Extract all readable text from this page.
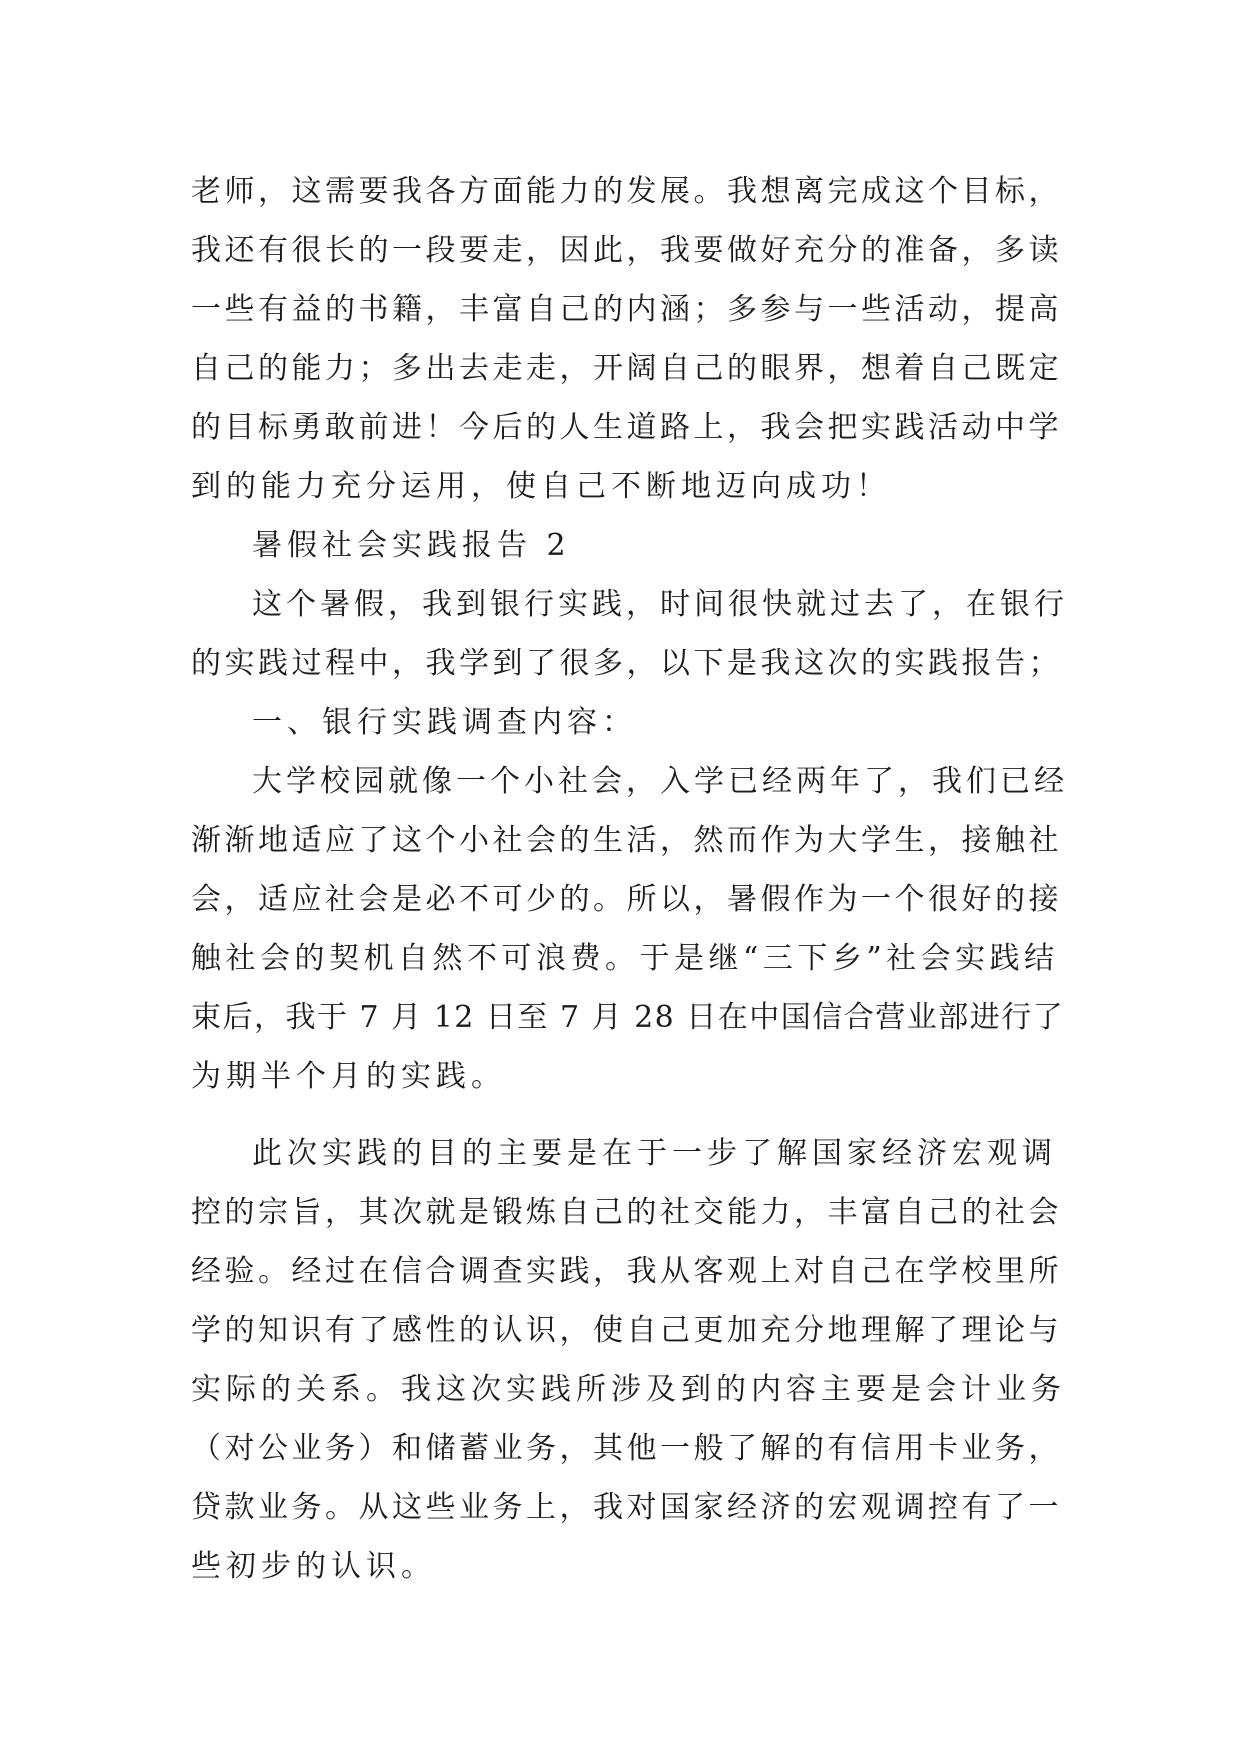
老师，这需要我各方面能力的发展。我想离完成这个目标，
我还有很长的一段要走，因此，我要做好充分的准备，多读
一些有益的书籍，丰富自己的内涵；多参与一些活动，提高
自己的能力；多出去走走，开阔自己的眼界，想着自己既定
的目标勇敢前进！今后的人生道路上，我会把实践活动中学
到的能力充分运用，使自己不断地迈向成功！
暑假社会实践报告 2
这个暑假，我到银行实践，时间很快就过去了，在银行
的实践过程中，我学到了很多，以下是我这次的实践报告；
一、银行实践调查内容：
大学校园就像一个小社会，入学已经两年了，我们已经
渐渐地适应了这个小社会的生活，然而作为大学生，接触社
会，适应社会是必不可少的。所以，暑假作为一个很好的接
触社会的契机自然不可浪费。于是继“三下乡”社会实践结
束后，我于 7 月 12 日至 7 月 28 日在中国信合营业部进行了
为期半个月的实践。
此次实践的目的主要是在于一步了解国家经济宏观调
控的宗旨，其次就是锻炼自己的社交能力，丰富自己的社会
经验。经过在信合调查实践，我从客观上对自己在学校里所
学的知识有了感性的认识，使自己更加充分地理解了理论与
实际的关系。我这次实践所涉及到的内容主要是会计业务
（对公业务）和储蓄业务，其他一般了解的有信用卡业务，
贷款业务。从这些业务上，我对国家经济的宏观调控有了一
些初步的认识。
